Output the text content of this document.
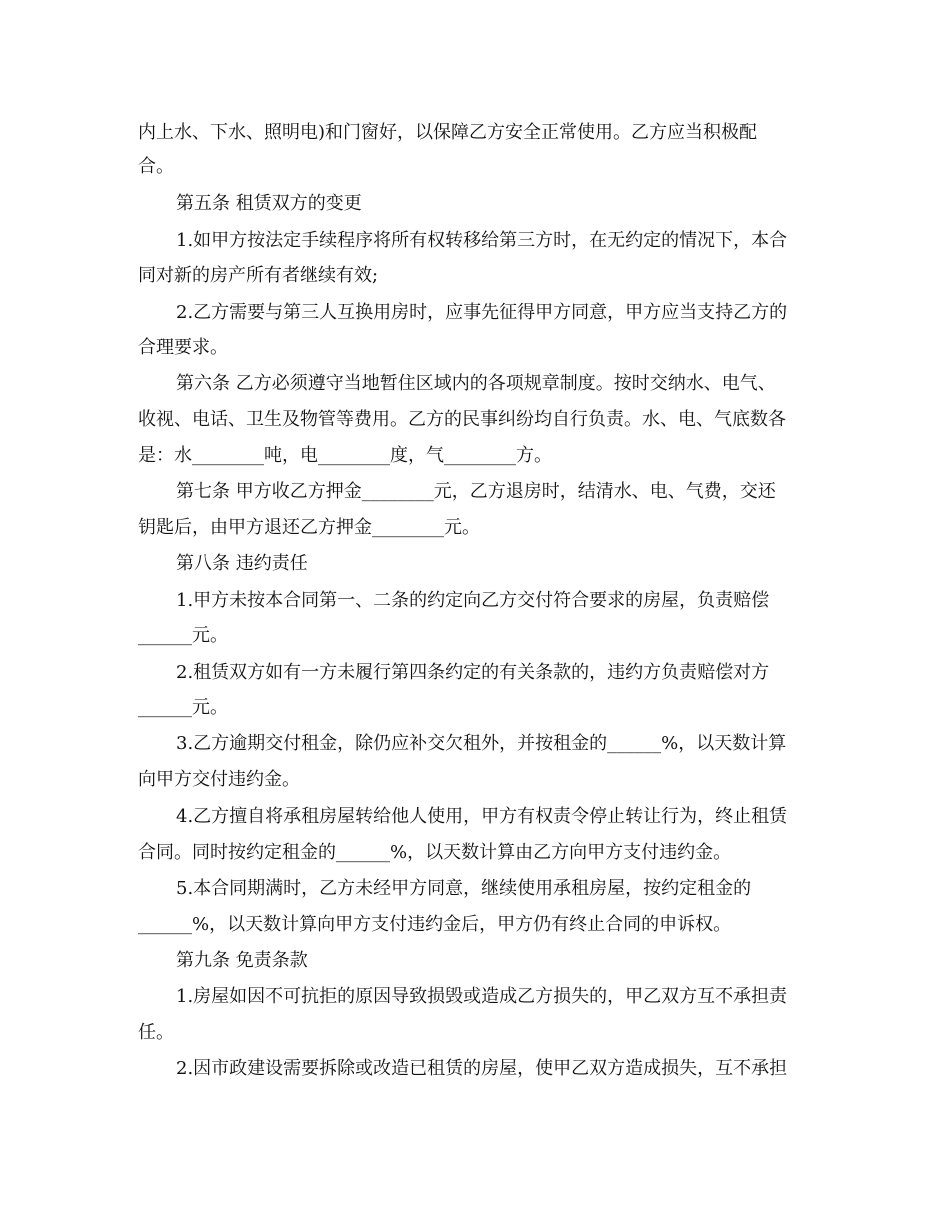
内上水、下水、照明电)和门窗好，以保障乙方安全正常使用。乙方应当积极配
合。
第五条 租赁双方的变更
1.如甲方按法定手续程序将所有权转移给第三方时，在无约定的情况下，本合
同对新的房产所有者继续有效;
2.乙方需要与第三人互换用房时，应事先征得甲方同意，甲方应当支持乙方的
合理要求。
第六条 乙方必须遵守当地暂住区域内的各项规章制度。按时交纳水、电气、
收视、电话、卫生及物管等费用。乙方的民事纠纷均自行负责。水、电、气底数各
是：水________吨，电________度，气________方。
第七条 甲方收乙方押金________元，乙方退房时，结清水、电、气费，交还
钥匙后，由甲方退还乙方押金________元。
第八条 违约责任
1.甲方未按本合同第一、二条的约定向乙方交付符合要求的房屋，负责赔偿
______元。
2.租赁双方如有一方未履行第四条约定的有关条款的，违约方负责赔偿对方
______元。
3.乙方逾期交付租金，除仍应补交欠租外，并按租金的______%，以天数计算
向甲方交付违约金。
4.乙方擅自将承租房屋转给他人使用，甲方有权责令停止转让行为，终止租赁
合同。同时按约定租金的______%，以天数计算由乙方向甲方支付违约金。
5.本合同期满时，乙方未经甲方同意，继续使用承租房屋，按约定租金的
______%，以天数计算向甲方支付违约金后，甲方仍有终止合同的申诉权。
第九条 免责条款
1.房屋如因不可抗拒的原因导致损毁或造成乙方损失的，甲乙双方互不承担责
任。
2.因市政建设需要拆除或改造已租赁的房屋，使甲乙双方造成损失，互不承担
